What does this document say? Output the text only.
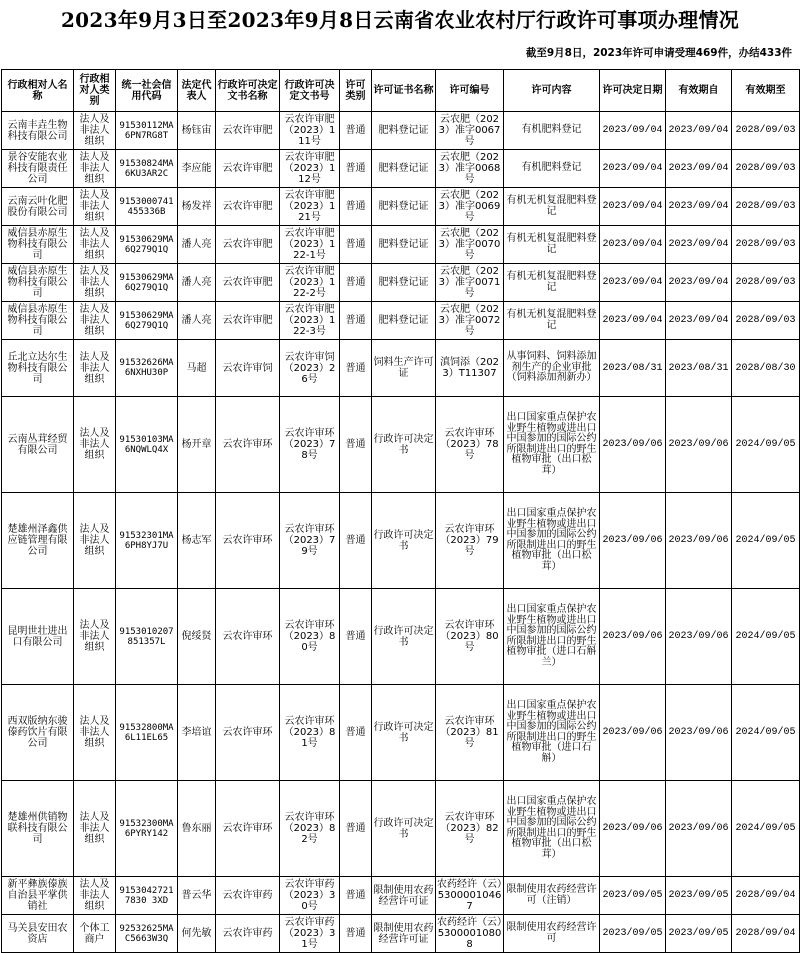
2023年9月3日至2023年9月8日云南省农业农村厅行政许可事项办理情况
截至9月8日，2023年许可申请受理469件，办结433件
行政相对人名称	行政相对人类别	统一社会信用代码	法定代表人	行政许可决定文书名称	行政许可决定文书号	许可类别	许可证书名称	许可编号	许可内容	许可决定日期	有效期自	有效期至
云南丰垚生物科技有限公司	法人及非法人组织	91530112MA6PN7RG8T	杨钰宙	云农许审肥	云农许审肥（2023）111号	普通	肥料登记证	云农肥（2023）准字0067号	有机肥料登记	2023/09/04	2023/09/04	2028/09/03
景谷安能农业科技有限责任公司	法人及非法人组织	91530824MA6KU3AR2C	李应能	云农许审肥	云农许审肥（2023）112号	普通	肥料登记证	云农肥（2023）准字0068号	有机肥料登记	2023/09/04	2023/09/04	2028/09/03
云南云叶化肥股份有限公司	法人及非法人组织	9153000741455336B	杨发祥	云农许审肥	云农许审肥（2023）121号	普通	肥料登记证	云农肥（2023）准字0069号	有机无机复混肥料登记	2023/09/04	2023/09/04	2028/09/03
威信县赤原生物科技有限公司	法人及非法人组织	91530629MA6Q279Q1Q	潘人亮	云农许审肥	云农许审肥（2023）122-1号	普通	肥料登记证	云农肥（2023）准字0070号	有机无机复混肥料登记	2023/09/04	2023/09/04	2028/09/03
威信县赤原生物科技有限公司	法人及非法人组织	91530629MA6Q279Q1Q	潘人亮	云农许审肥	云农许审肥（2023）122-2号	普通	肥料登记证	云农肥（2023）准字0071号	有机无机复混肥料登记	2023/09/04	2023/09/04	2028/09/03
威信县赤原生物科技有限公司	法人及非法人组织	91530629MA6Q279Q1Q	潘人亮	云农许审肥	云农许审肥（2023）122-3号	普通	肥料登记证	云农肥（2023）准字0072号	有机无机复混肥料登记	2023/09/04	2023/09/04	2028/09/03
丘北立达尔生物科技有限公司	法人及非法人组织	91532626MA6NXHU30P	马超	云农许审饲	云农许审饲（2023）26号	普通	饲料生产许可证	滇饲添（2023）T11307	从事饲料、饲料添加剂生产的企业审批（饲料添加剂新办）	2023/08/31	2023/08/31	2028/08/30
云南丛茸经贸有限公司	法人及非法人组织	91530103MA6NQWLQ4X	杨开章	云农许审环	云农许审环（2023）78号	普通	行政许可决定书	云农许审环（2023）78号	出口国家重点保护农业野生植物或进出口中国参加的国际公约所限制进出口的野生植物审批（出口松茸）	2023/09/06	2023/09/06	2024/09/05
楚雄州泽鑫供应链管理有限公司	法人及非法人组织	91532301MA6PH8YJ7U	杨志军	云农许审环	云农许审环（2023）79号	普通	行政许可决定书	云农许审环（2023）79号	出口国家重点保护农业野生植物或进出口中国参加的国际公约所限制进出口的野生植物审批（出口松茸）	2023/09/06	2023/09/06	2024/09/05
昆明世壮进出口有限公司	法人及非法人组织	9153010207851357L	倪绥贤	云农许审环	云农许审环（2023）80号	普通	行政许可决定书	云农许审环（2023）80号	出口国家重点保护农业野生植物或进出口中国参加的国际公约所限制进出口的野生植物审批（进口石斛兰）	2023/09/06	2023/09/06	2024/09/05
西双版纳东骏傣药饮片有限公司	法人及非法人组织	91532800MA6L11EL65	李培谊	云农许审环	云农许审环（2023）81号	普通	行政许可决定书	云农许审环（2023）81号	出口国家重点保护农业野生植物或进出口中国参加的国际公约所限制进出口的野生植物审批（进口石斛）	2023/09/06	2023/09/06	2024/09/05
楚雄州供销物联科技有限公司	法人及非法人组织	91532300MA6PYRY142	鲁东丽	云农许审环	云农许审环（2023）82号	普通	行政许可决定书	云农许审环（2023）82号	出口国家重点保护农业野生植物或进出口中国参加的国际公约所限制进出口的野生植物审批（出口松茸）	2023/09/06	2023/09/06	2024/09/05
新平彝族傣族自治县平掌供销社	法人及非法人组织	91530427217830 3XD	普云华	云农许审药	云农许审药（2023）30号	普通	限制使用农药经营许可证	农药经许（云）53000010467	限制使用农药经营许可（注销）	2023/09/05	2023/09/05	2028/09/04
马关县安田农资店	个体工商户	92532625MAC5663W3Q	何先敏	云农许审药	云农许审药（2023）31号	普通	限制使用农药经营许可证	农药经许（云）53000010808	限制使用农药经营许可	2023/09/05	2023/09/05	2028/09/04
